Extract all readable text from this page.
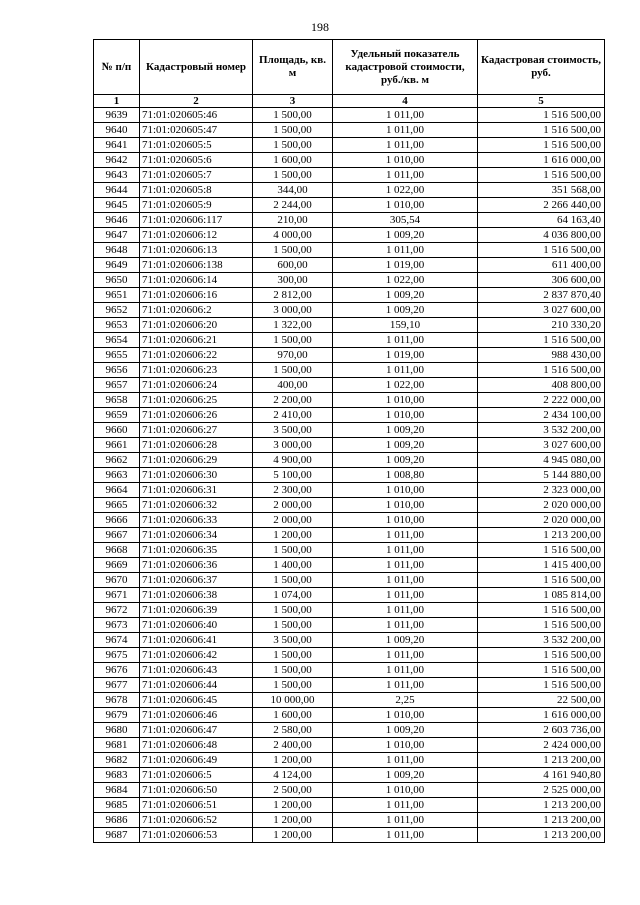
198
№ п/п	Кадастровый номер	Площадь, кв. м	Удельный показатель кадастровой стоимости, руб./кв. м	Кадастровая стоимость, руб.
1	2	3	4	5
9639	71:01:020605:46	1 500,00	1 011,00	1 516 500,00
9640	71:01:020605:47	1 500,00	1 011,00	1 516 500,00
9641	71:01:020605:5	1 500,00	1 011,00	1 516 500,00
9642	71:01:020605:6	1 600,00	1 010,00	1 616 000,00
9643	71:01:020605:7	1 500,00	1 011,00	1 516 500,00
9644	71:01:020605:8	344,00	1 022,00	351 568,00
9645	71:01:020605:9	2 244,00	1 010,00	2 266 440,00
9646	71:01:020606:117	210,00	305,54	64 163,40
9647	71:01:020606:12	4 000,00	1 009,20	4 036 800,00
9648	71:01:020606:13	1 500,00	1 011,00	1 516 500,00
9649	71:01:020606:138	600,00	1 019,00	611 400,00
9650	71:01:020606:14	300,00	1 022,00	306 600,00
9651	71:01:020606:16	2 812,00	1 009,20	2 837 870,40
9652	71:01:020606:2	3 000,00	1 009,20	3 027 600,00
9653	71:01:020606:20	1 322,00	159,10	210 330,20
9654	71:01:020606:21	1 500,00	1 011,00	1 516 500,00
9655	71:01:020606:22	970,00	1 019,00	988 430,00
9656	71:01:020606:23	1 500,00	1 011,00	1 516 500,00
9657	71:01:020606:24	400,00	1 022,00	408 800,00
9658	71:01:020606:25	2 200,00	1 010,00	2 222 000,00
9659	71:01:020606:26	2 410,00	1 010,00	2 434 100,00
9660	71:01:020606:27	3 500,00	1 009,20	3 532 200,00
9661	71:01:020606:28	3 000,00	1 009,20	3 027 600,00
9662	71:01:020606:29	4 900,00	1 009,20	4 945 080,00
9663	71:01:020606:30	5 100,00	1 008,80	5 144 880,00
9664	71:01:020606:31	2 300,00	1 010,00	2 323 000,00
9665	71:01:020606:32	2 000,00	1 010,00	2 020 000,00
9666	71:01:020606:33	2 000,00	1 010,00	2 020 000,00
9667	71:01:020606:34	1 200,00	1 011,00	1 213 200,00
9668	71:01:020606:35	1 500,00	1 011,00	1 516 500,00
9669	71:01:020606:36	1 400,00	1 011,00	1 415 400,00
9670	71:01:020606:37	1 500,00	1 011,00	1 516 500,00
9671	71:01:020606:38	1 074,00	1 011,00	1 085 814,00
9672	71:01:020606:39	1 500,00	1 011,00	1 516 500,00
9673	71:01:020606:40	1 500,00	1 011,00	1 516 500,00
9674	71:01:020606:41	3 500,00	1 009,20	3 532 200,00
9675	71:01:020606:42	1 500,00	1 011,00	1 516 500,00
9676	71:01:020606:43	1 500,00	1 011,00	1 516 500,00
9677	71:01:020606:44	1 500,00	1 011,00	1 516 500,00
9678	71:01:020606:45	10 000,00	2,25	22 500,00
9679	71:01:020606:46	1 600,00	1 010,00	1 616 000,00
9680	71:01:020606:47	2 580,00	1 009,20	2 603 736,00
9681	71:01:020606:48	2 400,00	1 010,00	2 424 000,00
9682	71:01:020606:49	1 200,00	1 011,00	1 213 200,00
9683	71:01:020606:5	4 124,00	1 009,20	4 161 940,80
9684	71:01:020606:50	2 500,00	1 010,00	2 525 000,00
9685	71:01:020606:51	1 200,00	1 011,00	1 213 200,00
9686	71:01:020606:52	1 200,00	1 011,00	1 213 200,00
9687	71:01:020606:53	1 200,00	1 011,00	1 213 200,00
